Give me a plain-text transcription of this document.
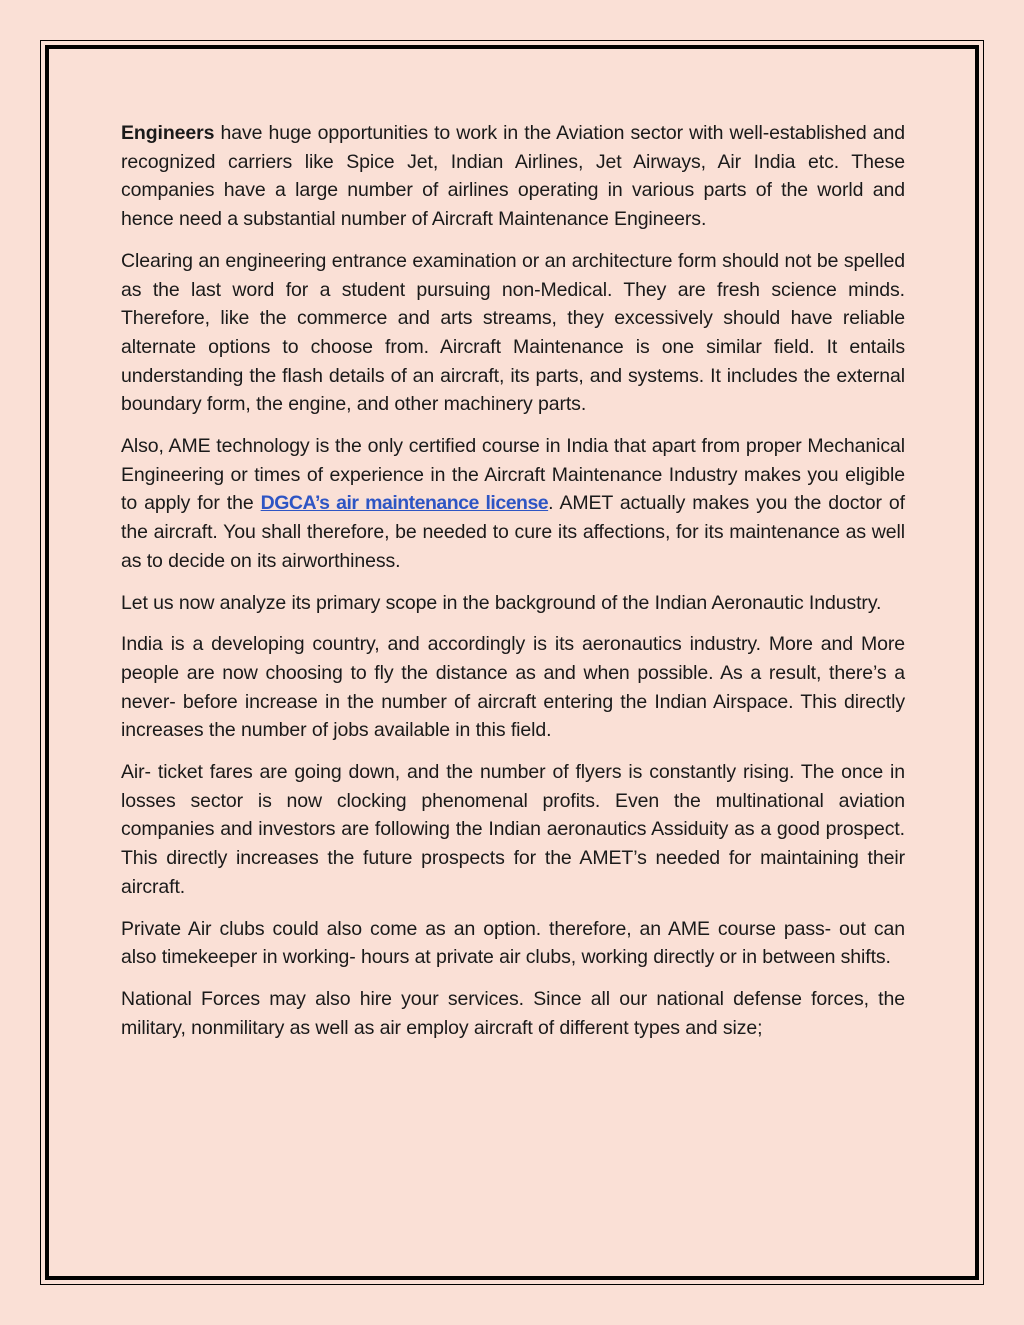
Engineers have huge opportunities to work in the Aviation sector with well-established and recognized carriers like Spice Jet, Indian Airlines, Jet Airways, Air India etc. These companies have a large number of airlines operating in various parts of the world and hence need a substantial number of Aircraft Maintenance Engineers.

Clearing an engineering entrance examination or an architecture form should not be spelled as the last word for a student pursuing non-Medical. They are fresh science minds. Therefore, like the commerce and arts streams, they excessively should have reliable alternate options to choose from. Aircraft Maintenance is one similar field. It entails understanding the flash details of an aircraft, its parts, and systems. It includes the external boundary form, the engine, and other machinery parts.

Also, AME technology is the only certified course in India that apart from proper Mechanical Engineering or times of experience in the Aircraft Maintenance Industry makes you eligible to apply for the DGCA’s air maintenance license. AMET actually makes you the doctor of the aircraft. You shall therefore, be needed to cure its affections, for its maintenance as well as to decide on its airworthiness.

Let us now analyze its primary scope in the background of the Indian Aeronautic Industry.

India is a developing country, and accordingly is its aeronautics industry. More and More people are now choosing to fly the distance as and when possible. As a result, there’s a never- before increase in the number of aircraft entering the Indian Airspace. This directly increases the number of jobs available in this field.

Air- ticket fares are going down, and the number of flyers is constantly rising. The once in losses sector is now clocking phenomenal profits. Even the multinational aviation companies and investors are following the Indian aeronautics Assiduity as a good prospect. This directly increases the future prospects for the AMET’s needed for maintaining their aircraft.

Private Air clubs could also come as an option. therefore, an AME course pass- out can also timekeeper in working- hours at private air clubs, working directly or in between shifts.

National Forces may also hire your services. Since all our national defense forces, the military, nonmilitary as well as air employ aircraft of different types and size;
